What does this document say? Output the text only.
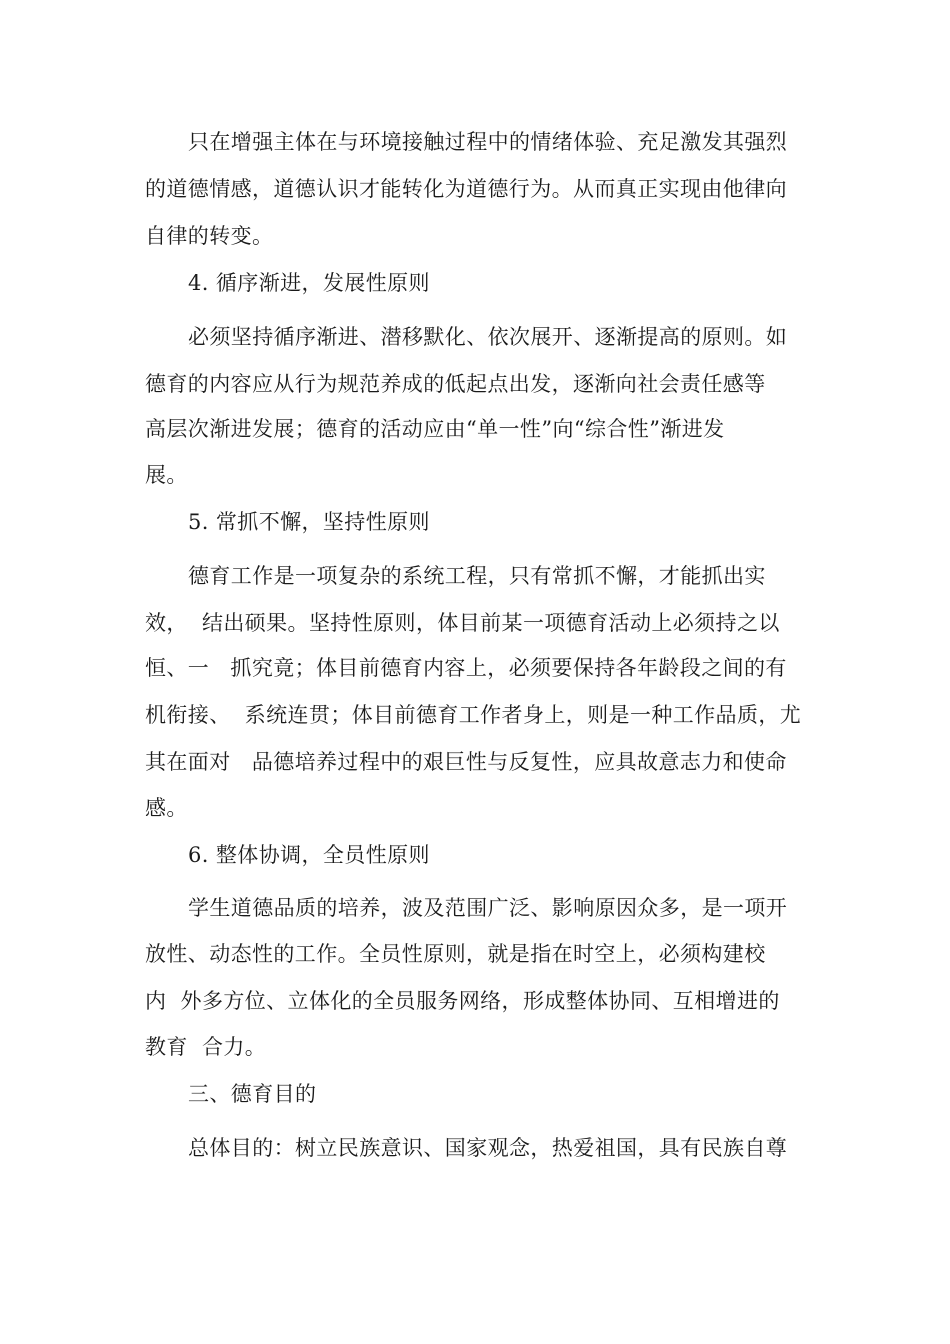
只在增强主体在与环境接触过程中的情绪体验、充足激发其强烈

的道德情感，道德认识才能转化为道德行为。从而真正实现由他律向

自律的转变。

4. 循序渐进，发展性原则

必须坚持循序渐进、潜移默化、依次展开、逐渐提高的原则。如

德育的内容应从行为规范养成的低起点出发，逐渐向社会责任感等

高层次渐进发展；德育的活动应由“单一性”向“综合性”渐进发

展。

5. 常抓不懈，坚持性原则

德育工作是一项复杂的系统工程，只有常抓不懈，才能抓出实

效，  结出硕果。坚持性原则，体目前某一项德育活动上必须持之以

恒、一   抓究竟；体目前德育内容上，必须要保持各年龄段之间的有

机衔接、  系统连贯；体目前德育工作者身上，则是一种工作品质，尤

其在面对   品德培养过程中的艰巨性与反复性，应具故意志力和使命

感。

6. 整体协调，全员性原则

学生道德品质的培养，波及范围广泛、影响原因众多，是一项开

放性、动态性的工作。全员性原则，就是指在时空上，必须构建校

内  外多方位、立体化的全员服务网络，形成整体协同、互相增进的

教育  合力。

三、德育目的

总体目的：树立民族意识、国家观念，热爱祖国，具有民族自尊
